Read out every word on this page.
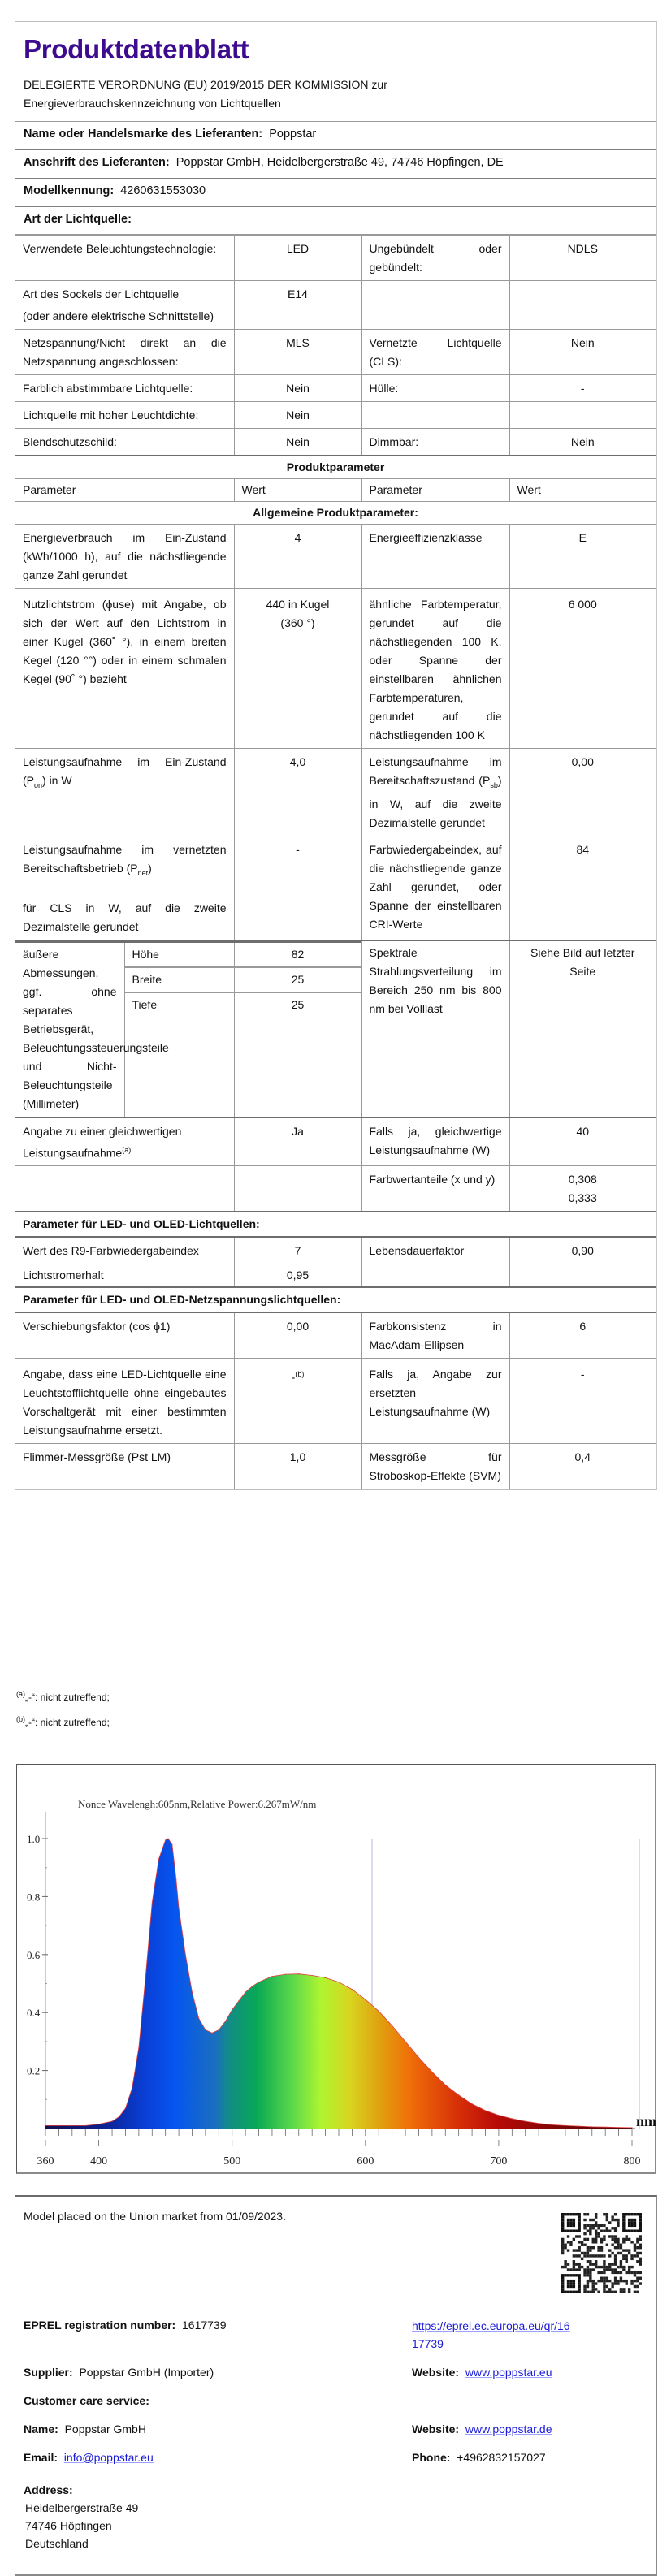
Produktdatenblatt
DELEGIERTE VERORDNUNG (EU) 2019/2015 DER KOMMISSION zur
Energieverbrauchskennzeichnung von Lichtquellen
Name oder Handelsmarke des Lieferanten: Poppstar
Anschrift des Lieferanten: Poppstar GmbH, Heidelbergerstraße 49, 74746 Höpfingen, DE
Modellkennung: 4260631553030
Art der Lichtquelle:
Verwendete Beleuchtungstechnologie:	LED	Ungebündelt oder gebündelt:	NDLS

Art des Sockels der Lichtquelle
(oder andere elektrische Schnittstelle)
	E14		
Netzspannung/Nicht direkt an die Netzspannung angeschlossen:	MLS	Vernetzte Lichtquelle (CLS):	Nein
Farblich abstimmbare Lichtquelle:	Nein	Hülle:	-
Lichtquelle mit hoher Leuchtdichte:	Nein		
Blendschutzschild:	Nein	Dimmbar:	Nein
Produktparameter
Parameter	Wert	Parameter	Wert
Allgemeine Produktparameter:
Energieverbrauch im Ein-Zustand (kWh/1000 h), auf die nächstliegende ganze Zahl gerundet	4	Energieeffizienzklasse	E
Nutzlichtstrom (ϕuse) mit Angabe, ob sich der Wert auf den Lichtstrom in einer Kugel (360˚ °), in einem breiten Kegel (120 °°) oder in einem schmalen Kegel (90˚ °) bezieht	440 in Kugel (360 °)	ähnliche Farbtemperatur, gerundet auf die nächstliegenden 100 K, oder Spanne der einstellbaren ähnlichen Farbtemperaturen, gerundet auf die nächstliegenden 100 K	6 000
Leistungsaufnahme im Ein-Zustand $(P_{on})$ in W	4,0	Leistungsaufnahme im Bereitschaftszustand $(P_{sb})$ in W, auf die zweite Dezimalstelle gerundet	0,00

Leistungsaufnahme im vernetzten Bereitschaftsbetrieb $(P_{net})$
für CLS in W, auf die zweite Dezimalstelle gerundet
	-	Farbwiedergabeindex, auf die nächstliegende ganze Zahl gerundet, oder Spanne der einstellbaren CRI-Werte	84

äußere Abmessungen, ggf. ohne separates Betriebsgerät, Beleuchtungssteuerungsteile und Nicht-Beleuchtungsteile (Millimeter)	Höhe	82
Breite	25
Tiefe	25
	Spektrale Strahlungsverteilung im Bereich 250 nm bis 800 nm bei Volllast	Siehe Bild auf letzter Seite
Angabe zu einer gleichwertigen Leistungsaufnahme$^{(a)}$	Ja	Falls ja, gleichwertige Leistungsaufnahme (W)	40
		Farbwertanteile (x und y)	0,308
0,333

Parameter für LED- und OLED-Lichtquellen:
Wert des R9-Farbwiedergabeindex	7	Lebensdauerfaktor	0,90
Lichtstromerhalt	0,95		
Parameter für LED- und OLED-Netzspannungslichtquellen:
Verschiebungsfaktor (cos ϕ1)	0,00	Farbkonsistenz in MacAdam-Ellipsen	6
Angabe, dass eine LED-Lichtquelle eine Leuchtstofflichtquelle ohne eingebautes Vorschaltgerät mit einer bestimmten Leistungsaufnahme ersetzt.	-$^{(b)}$	Falls ja, Angabe zur ersetzten Leistungsaufnahme (W)	-
Flimmer-Messgröße (Pst LM)	1,0	Messgröße für Stroboskop-Effekte (SVM)	0,4
$^{(a)}$„-“: nicht zutreffend;
$^{(b)}$„-“: nicht zutreffend;
Nonce Wavelengh:605nm,Relative Power:6.267mW/nm
0.2
0.4
0.6
0.8
1.0
360	400	500	600	700	800
nm
Model placed on the Union market from 01/09/2023.
EPREL registration number: 1617739	https://eprel.ec.europa.eu/qr/16
17739
Supplier: Poppstar GmbH (Importer)	Website: www.poppstar.eu
Customer care service:
Name: Poppstar GmbH	Website: www.poppstar.de
Email: info@poppstar.eu	Phone: +4962832157027
Address:
Heidelbergerstraße 49
74746 Höpfingen
Deutschland
